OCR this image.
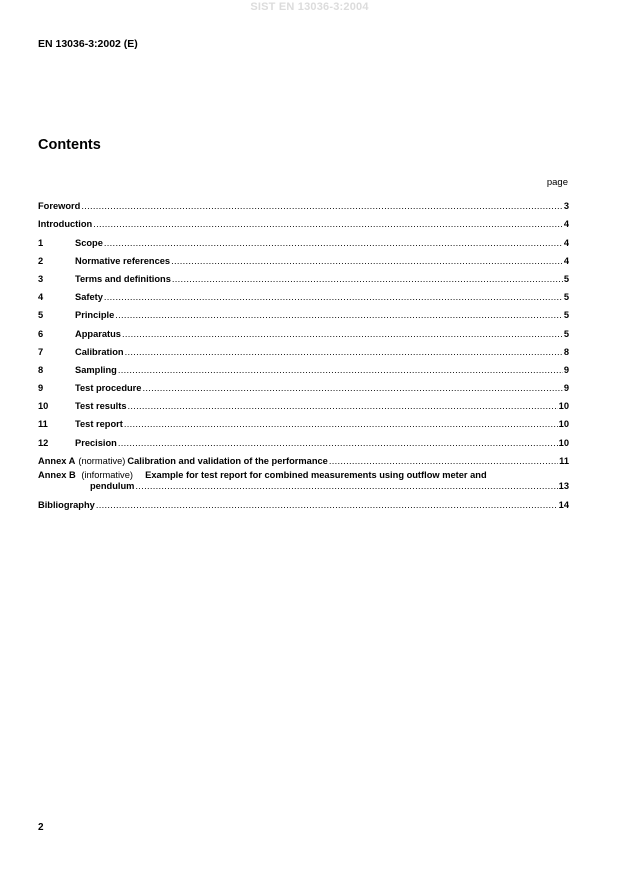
SIST EN 13036-3:2004
EN 13036-3:2002 (E)
Contents
page
Foreword .....	3
Introduction .....	4
1	Scope .....	4
2	Normative references .....	4
3	Terms and definitions .....	5
4	Safety .....	5
5	Principle .....	5
6	Apparatus .....	5
7	Calibration .....	8
8	Sampling .....	9
9	Test procedure .....	9
10	Test results .....	10
11	Test report .....	10
12	Precision .....	10
Annex A (normative) Calibration and validation of the performance .....	11
Annex B (informative) Example for test report for combined measurements using outflow meter and
pendulum .....	13
Bibliography .....	14
2
